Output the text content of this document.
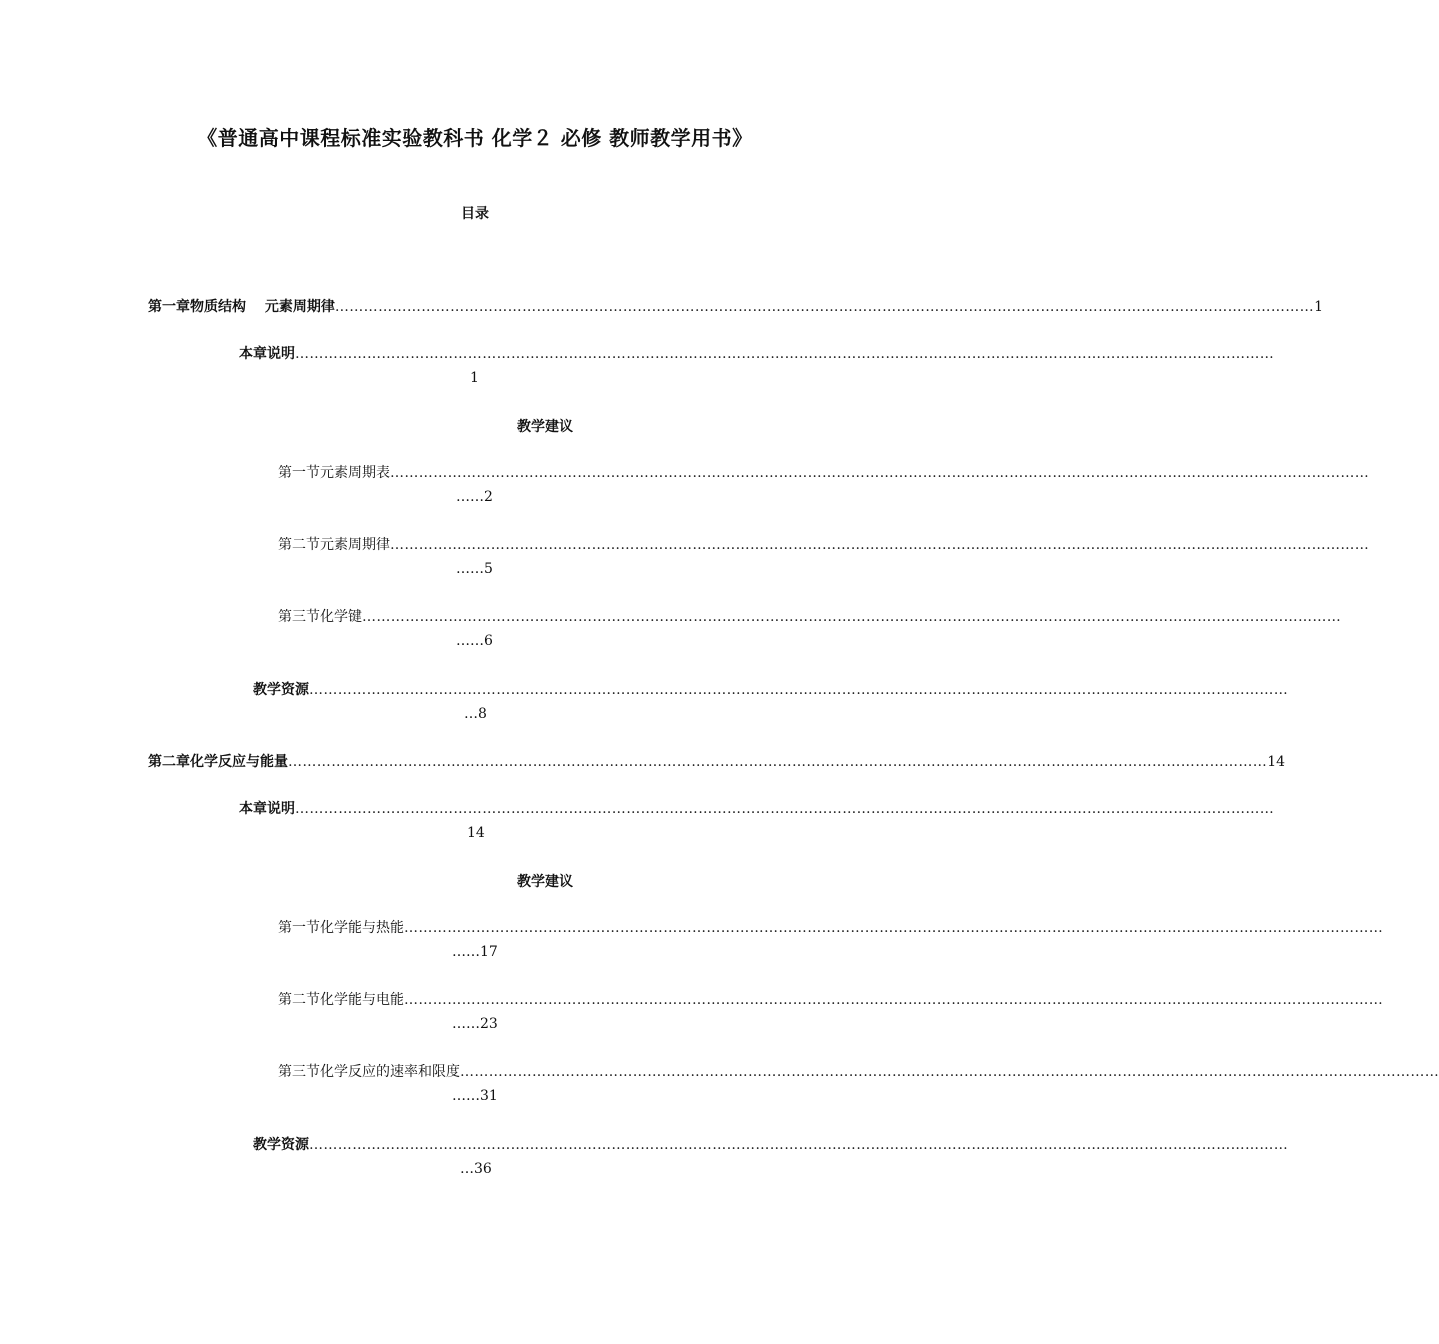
《普通高中课程标准实验教科书 化学２ 必修 教师教学用书》
目录
第一章 物质结构　 元素周期律 …………………………………………………………………………………………………………………………………………………………………………………… 1
本章说明 ……………………………………………………………………………………………………………………………………………………………………………………
1
教学建议
第一节 元素周期表 ……………………………………………………………………………………………………………………………………………………………………………………
……2
第二节 元素周期律 ……………………………………………………………………………………………………………………………………………………………………………………
……5
第三节 化学键 ……………………………………………………………………………………………………………………………………………………………………………………
……6
教学资源 ……………………………………………………………………………………………………………………………………………………………………………………
…8
第二章 化学反应与能量 …………………………………………………………………………………………………………………………………………………………………………………… 14
本章说明 ……………………………………………………………………………………………………………………………………………………………………………………
14
教学建议
第一节 化学能与热能 ……………………………………………………………………………………………………………………………………………………………………………………
……17
第二节 化学能与电能 ……………………………………………………………………………………………………………………………………………………………………………………
……23
第三节 化学反应的速率和限度 ……………………………………………………………………………………………………………………………………………………………………………………
……31
教学资源 ……………………………………………………………………………………………………………………………………………………………………………………
…36
